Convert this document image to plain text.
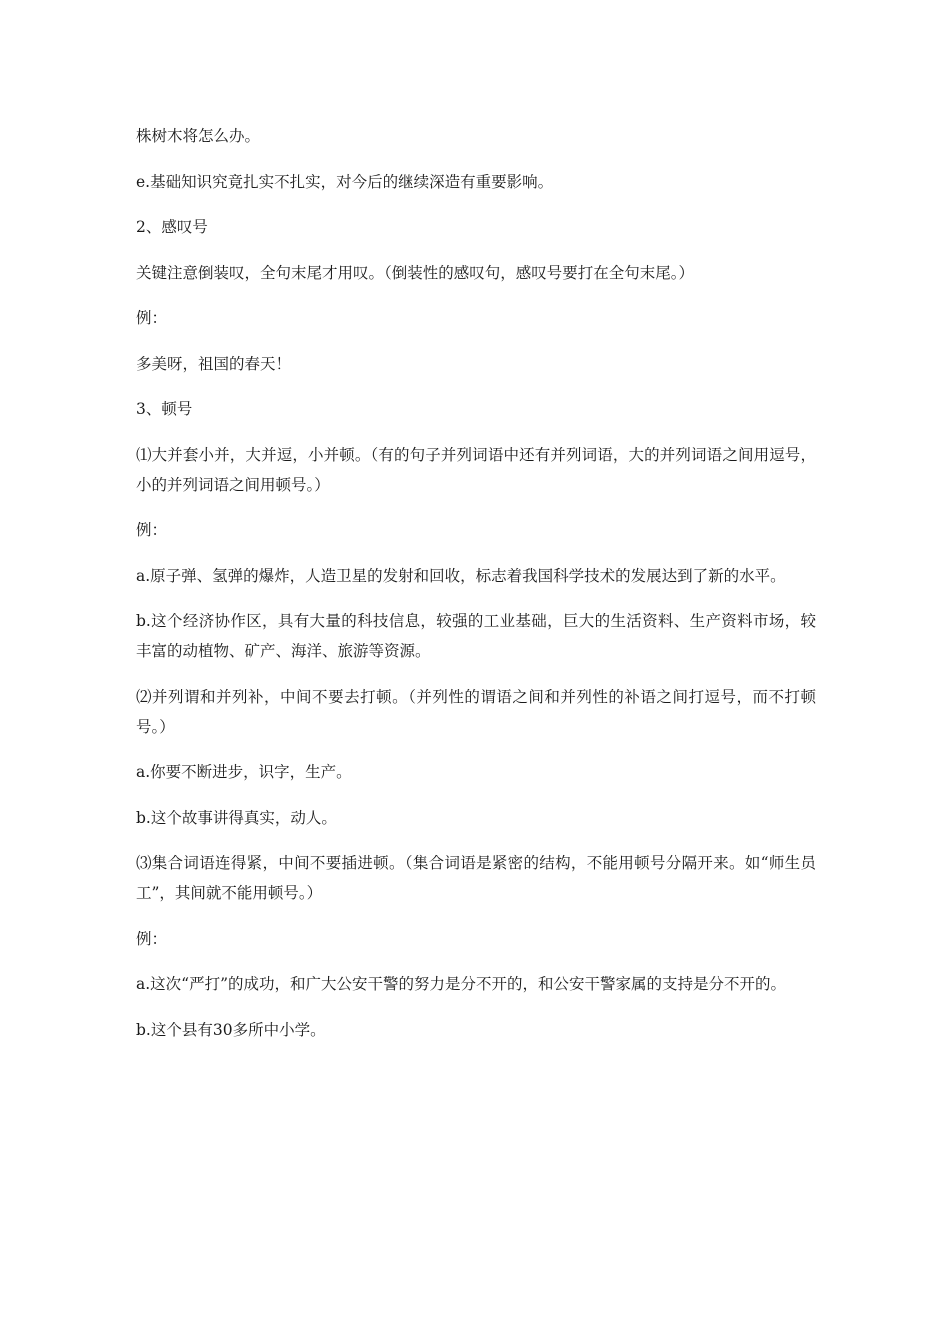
株树木将怎么办。

e.基础知识究竟扎实不扎实，对今后的继续深造有重要影响。

2、感叹号

关键注意倒装叹，全句末尾才用叹。（倒装性的感叹句，感叹号要打在全句末尾。）

例：

多美呀，祖国的春天！

3、顿号

⑴大并套小并，大并逗，小并顿。（有的句子并列词语中还有并列词语，大的并列词语之间用逗号，小的并列词语之间用顿号。）

例：

a.原子弹、氢弹的爆炸，人造卫星的发射和回收，标志着我国科学技术的发展达到了新的水平。

b.这个经济协作区，具有大量的科技信息，较强的工业基础，巨大的生活资料、生产资料市场，较丰富的动植物、矿产、海洋、旅游等资源。

⑵并列谓和并列补，中间不要去打顿。（并列性的谓语之间和并列性的补语之间打逗号，而不打顿号。）

a.你要不断进步，识字，生产。

b.这个故事讲得真实，动人。

⑶集合词语连得紧，中间不要插进顿。（集合词语是紧密的结构，不能用顿号分隔开来。如“师生员工”，其间就不能用顿号。）

例：

a.这次“严打”的成功，和广大公安干警的努力是分不开的，和公安干警家属的支持是分不开的。

b.这个县有30多所中小学。
